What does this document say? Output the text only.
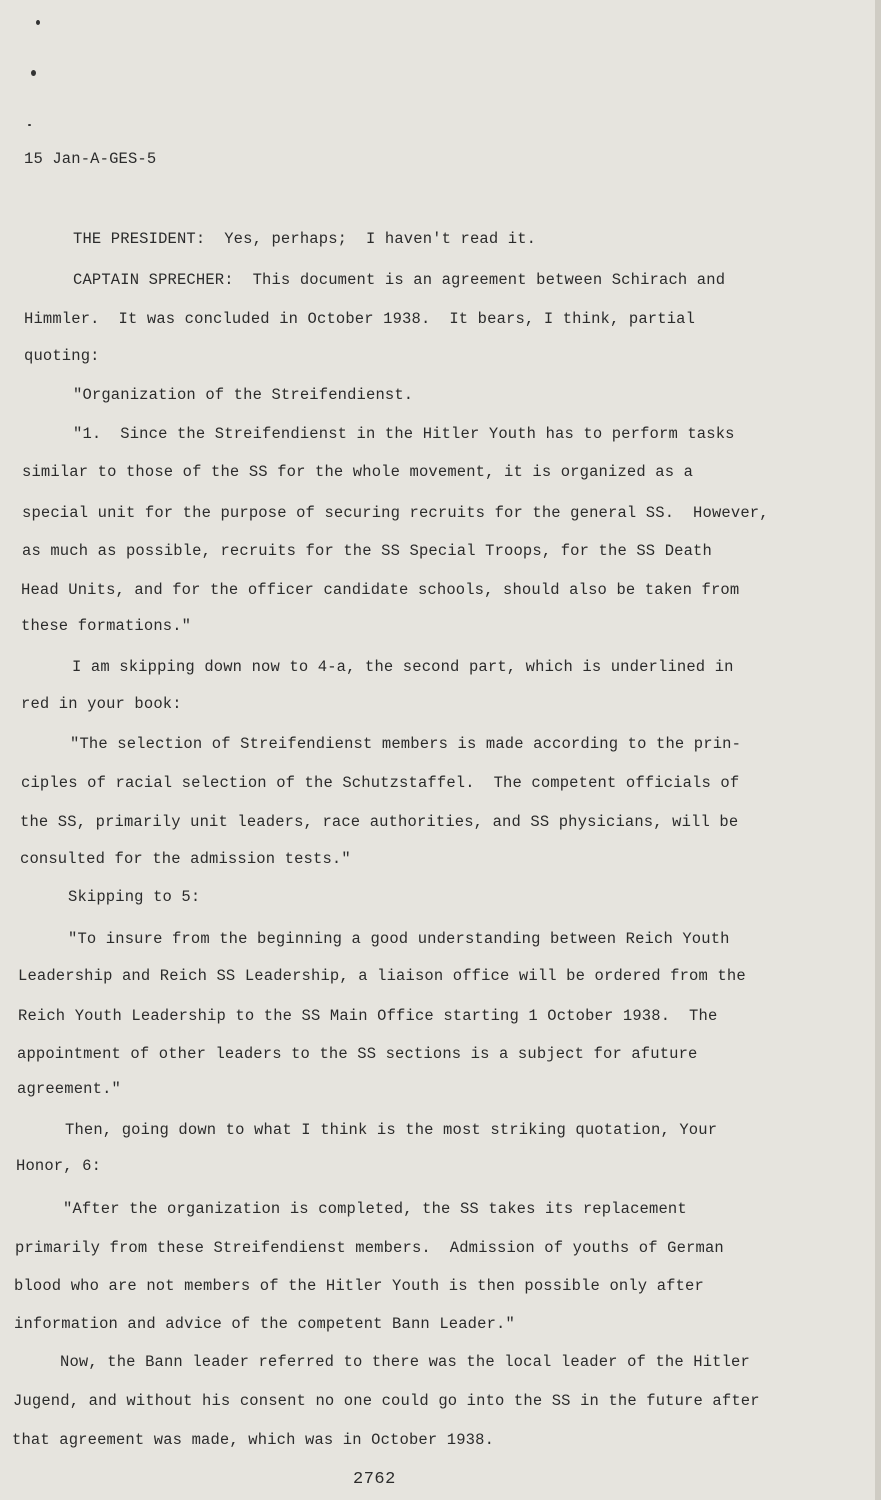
15 Jan-A-GES-5
THE PRESIDENT:  Yes, perhaps;  I haven't read it.
CAPTAIN SPRECHER:  This document is an agreement between Schirach and
Himmler.  It was concluded in October 1938.  It bears, I think, partial
quoting:
"Organization of the Streifendienst.
"1.  Since the Streifendienst in the Hitler Youth has to perform tasks
similar to those of the SS for the whole movement, it is organized as a
special unit for the purpose of securing recruits for the general SS.  However,
as much as possible, recruits for the SS Special Troops, for the SS Death
Head Units, and for the officer candidate schools, should also be taken from
these formations."
I am skipping down now to 4-a, the second part, which is underlined in
red in your book:
"The selection of Streifendienst members is made according to the prin-
ciples of racial selection of the Schutzstaffel.  The competent officials of
the SS, primarily unit leaders, race authorities, and SS physicians, will be
consulted for the admission tests."
Skipping to 5:
"To insure from the beginning a good understanding between Reich Youth
Leadership and Reich SS Leadership, a liaison office will be ordered from the
Reich Youth Leadership to the SS Main Office starting 1 October 1938.  The
appointment of other leaders to the SS sections is a subject for afuture
agreement."
Then, going down to what I think is the most striking quotation, Your
Honor, 6:
"After the organization is completed, the SS takes its replacement
primarily from these Streifendienst members.  Admission of youths of German
blood who are not members of the Hitler Youth is then possible only after
information and advice of the competent Bann Leader."
Now, the Bann leader referred to there was the local leader of the Hitler
Jugend, and without his consent no one could go into the SS in the future after
that agreement was made, which was in October 1938.
2762
